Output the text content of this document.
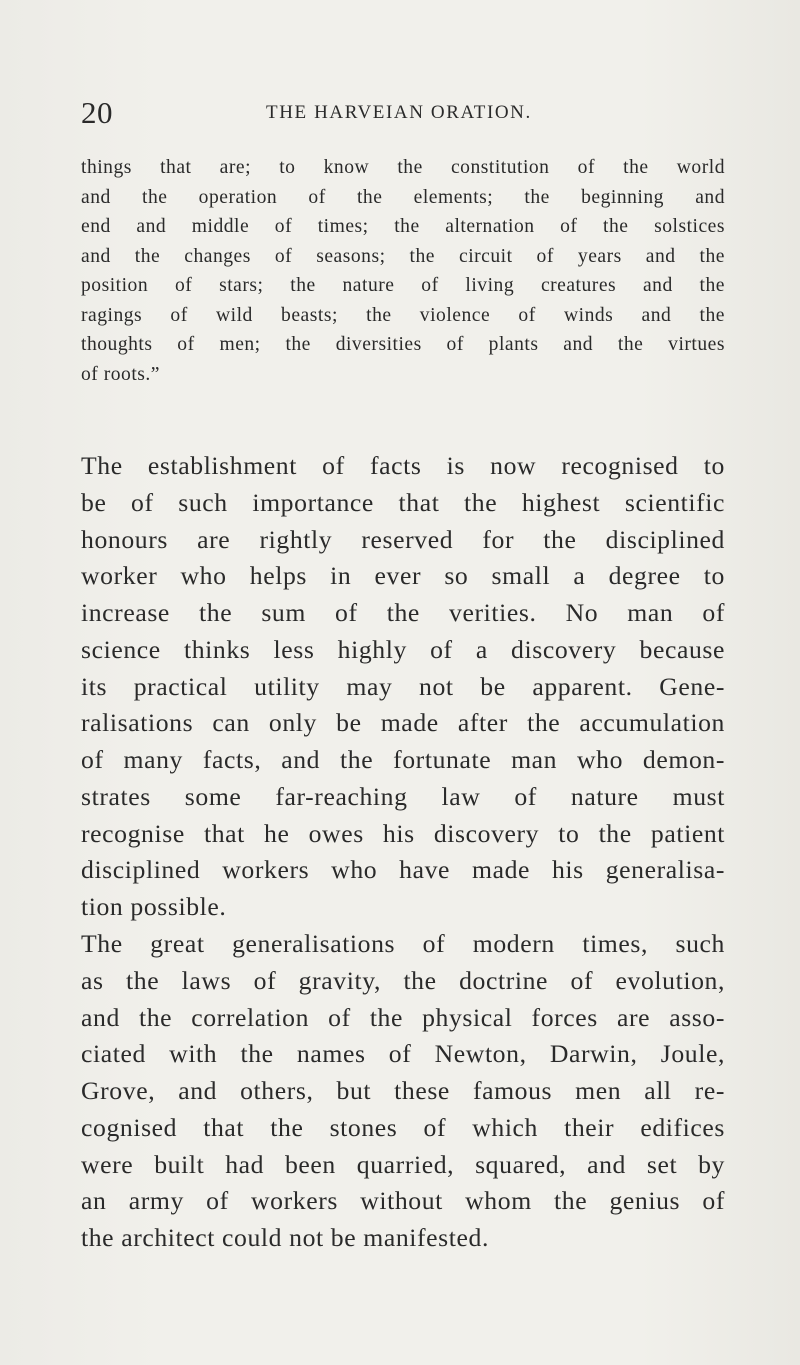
20	THE HARVEIAN ORATION.

things that are; to know the constitution of the world
and the operation of the elements; the beginning and
end and middle of times; the alternation of the solstices
and the changes of seasons; the circuit of years and the
position of stars; the nature of living creatures and the
ragings of wild beasts; the violence of winds and the
thoughts of men; the diversities of plants and the virtues
of roots.”

The establishment of facts is now recognised to
be of such importance that the highest scientific
honours are rightly reserved for the disciplined
worker who helps in ever so small a degree to
increase the sum of the verities. No man of
science thinks less highly of a discovery because
its practical utility may not be apparent. Gene-
ralisations can only be made after the accumulation
of many facts, and the fortunate man who demon-
strates some far-reaching law of nature must
recognise that he owes his discovery to the patient
disciplined workers who have made his generalisa-
tion possible.

The great generalisations of modern times, such
as the laws of gravity, the doctrine of evolution,
and the correlation of the physical forces are asso-
ciated with the names of Newton, Darwin, Joule,
Grove, and others, but these famous men all re-
cognised that the stones of which their edifices
were built had been quarried, squared, and set by
an army of workers without whom the genius of
the architect could not be manifested.
